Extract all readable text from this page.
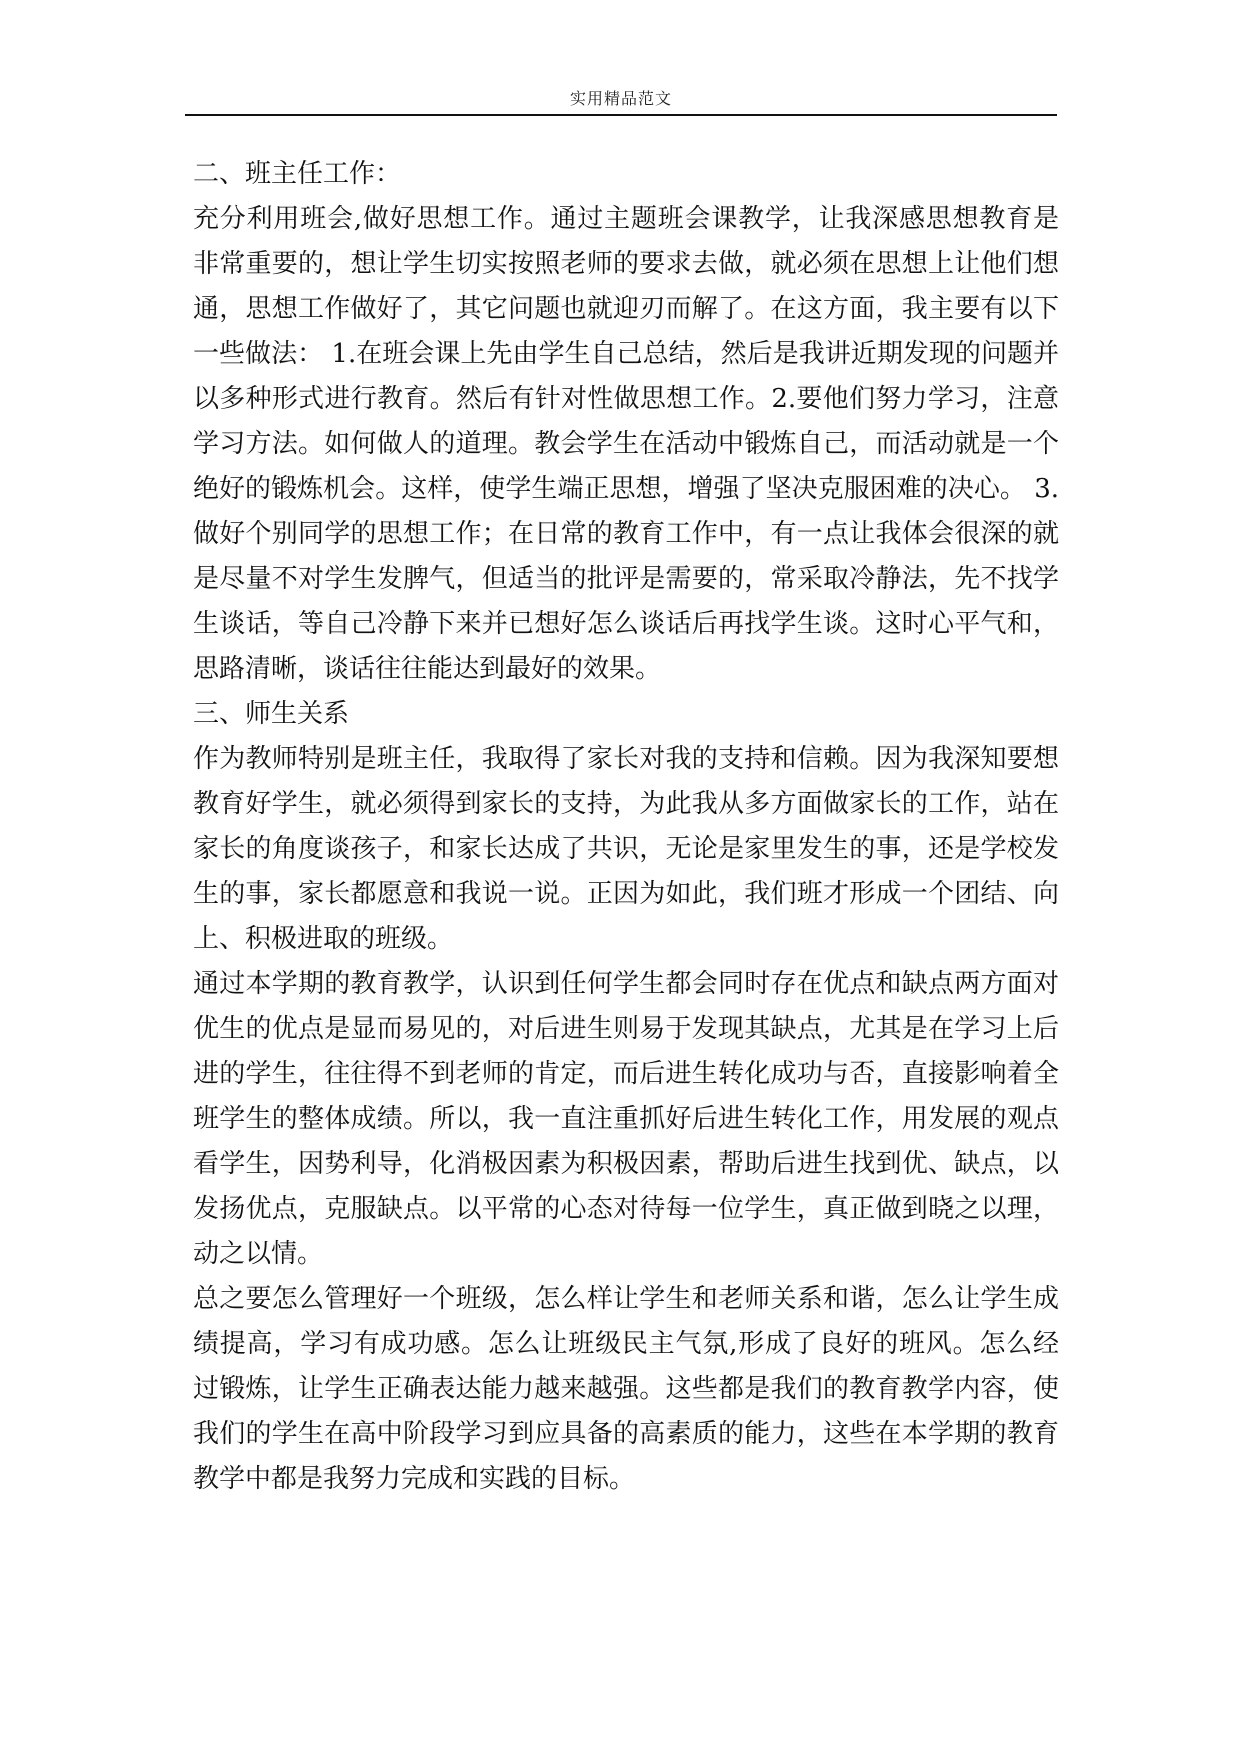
实用精品范文

二、班主任工作：

充分利用班会,做好思想工作。通过主题班会课教学，让我深感思想教育是非常重要的，想让学生切实按照老师的要求去做，就必须在思想上让他们想通，思想工作做好了，其它问题也就迎刃而解了。在这方面，我主要有以下一些做法： 1.在班会课上先由学生自己总结，然后是我讲近期发现的问题并以多种形式进行教育。然后有针对性做思想工作。2.要他们努力学习，注意学习方法。如何做人的道理。教会学生在活动中锻炼自己，而活动就是一个绝好的锻炼机会。这样，使学生端正思想，增强了坚决克服困难的决心。 3.做好个别同学的思想工作；在日常的教育工作中，有一点让我体会很深的就是尽量不对学生发脾气，但适当的批评是需要的，常采取冷静法，先不找学生谈话，等自己冷静下来并已想好怎么谈话后再找学生谈。这时心平气和，思路清晰，谈话往往能达到最好的效果。

三、师生关系

作为教师特别是班主任，我取得了家长对我的支持和信赖。因为我深知要想教育好学生，就必须得到家长的支持，为此我从多方面做家长的工作，站在家长的角度谈孩子，和家长达成了共识，无论是家里发生的事，还是学校发生的事，家长都愿意和我说一说。正因为如此，我们班才形成一个团结、向上、积极进取的班级。

通过本学期的教育教学，认识到任何学生都会同时存在优点和缺点两方面对优生的优点是显而易见的，对后进生则易于发现其缺点，尤其是在学习上后进的学生，往往得不到老师的肯定，而后进生转化成功与否，直接影响着全班学生的整体成绩。所以，我一直注重抓好后进生转化工作，用发展的观点看学生，因势利导，化消极因素为积极因素，帮助后进生找到优、缺点，以发扬优点，克服缺点。以平常的心态对待每一位学生，真正做到晓之以理，动之以情。

总之要怎么管理好一个班级，怎么样让学生和老师关系和谐，怎么让学生成绩提高，学习有成功感。怎么让班级民主气氛,形成了良好的班风。怎么经过锻炼，让学生正确表达能力越来越强。这些都是我们的教育教学内容，使我们的学生在高中阶段学习到应具备的高素质的能力，这些在本学期的教育教学中都是我努力完成和实践的目标。
